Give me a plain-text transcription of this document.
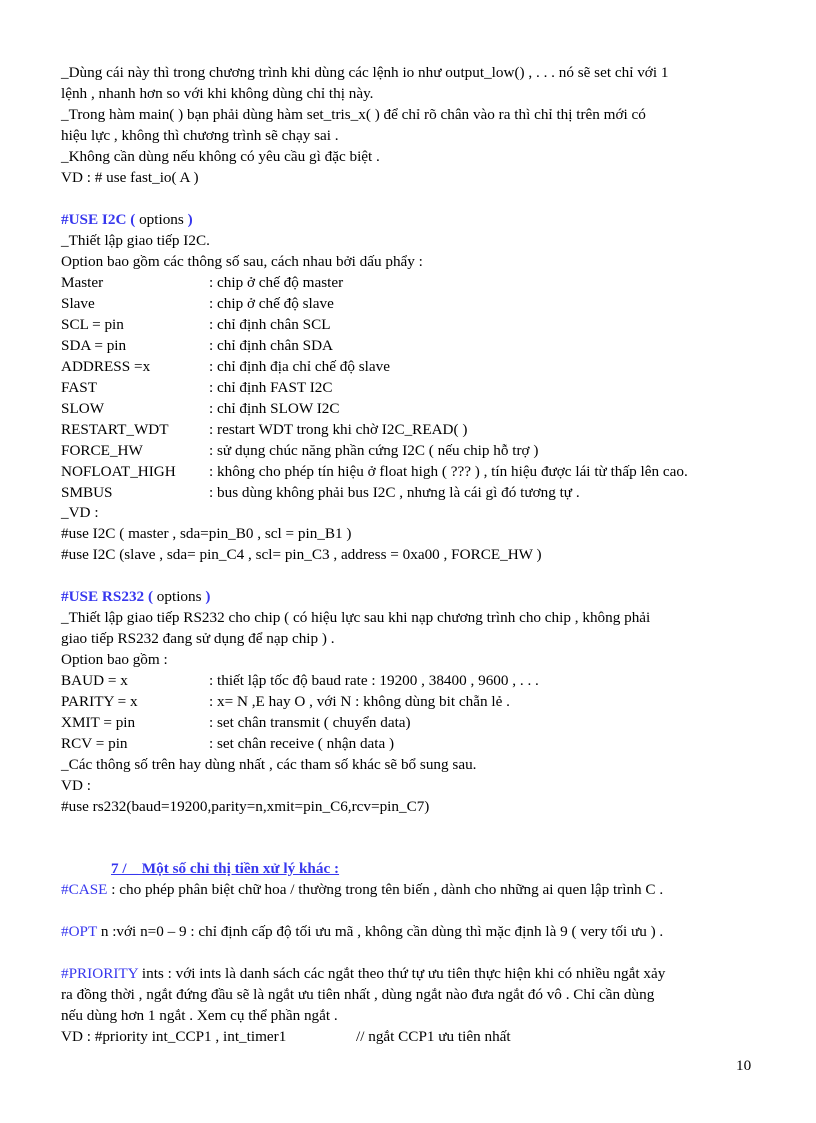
_Dùng cái này thì trong chương trình khi dùng các lệnh io như output_low() , . . . nó sẽ set chỉ với 1
lệnh , nhanh hơn so với khi không dùng chỉ thị này.
_Trong hàm main( ) bạn phải dùng hàm set_tris_x( ) để chỉ rõ chân vào ra thì chỉ thị trên mới có
hiệu lực , không thì chương trình sẽ chạy sai .
_Không cần dùng nếu không có yêu cầu gì đặc biệt .
VD : # use fast_io( A )
#USE I2C ( options )
_Thiết lập giao tiếp I2C.
Option bao gồm các thông số sau, cách nhau bởi dấu phẩy :
Master	: chip ở chế độ master
Slave	: chip ở chế độ slave
SCL = pin	: chỉ định chân SCL
SDA = pin	: chỉ định chân SDA
ADDRESS =x	: chỉ định địa chỉ chế độ slave
FAST	: chỉ định FAST I2C
SLOW	: chỉ định SLOW I2C
RESTART_WDT	: restart WDT trong khi chờ I2C_READ( )
FORCE_HW	: sử dụng chúc năng phần cứng I2C ( nếu chip hỗ trợ )
NOFLOAT_HIGH : không cho phép tín hiệu ở float high ( ??? ) , tín hiệu được lái từ thấp lên cao.
SMBUS	: bus dùng không phải bus I2C , nhưng là cái gì đó tương tự .
_VD :
#use I2C ( master , sda=pin_B0 , scl = pin_B1 )
#use I2C (slave , sda= pin_C4 , scl= pin_C3 , address = 0xa00 , FORCE_HW )
#USE RS232 ( options )
_Thiết lập giao tiếp RS232 cho chip ( có hiệu lực sau khi nạp chương trình cho chip , không phải
giao tiếp RS232 đang sử dụng để nạp chip ) .
Option bao gồm :
BAUD = x	: thiết lập tốc độ baud rate : 19200 , 38400 , 9600 , . . .
PARITY = x	: x= N ,E hay O , với N : không dùng bit chẵn lẻ .
XMIT = pin	: set chân transmit ( chuyển data)
RCV = pin	: set chân receive ( nhận data )
_Các thông số trên hay dùng nhất , các tham số khác sẽ bổ sung sau.
VD :
#use rs232(baud=19200,parity=n,xmit=pin_C6,rcv=pin_C7)
7 / _ Một số chỉ thị tiền xử lý khác :
#CASE : cho phép phân biệt chữ hoa / thường trong tên biến , dành cho những ai quen lập trình C .
#OPT n :với n=0 – 9 : chỉ định cấp độ tối ưu mã , không cần dùng thì mặc định là 9 ( very tối ưu ) .
#PRIORITY ints : với ints là danh sách các ngắt theo thứ tự ưu tiên thực hiện khi có nhiều ngắt xảy
ra đồng thời , ngắt đứng đầu sẽ là ngắt ưu tiên nhất , dùng ngắt nào đưa ngắt đó vô . Chỉ cần dùng
nếu dùng hơn 1 ngắt . Xem cụ thể phần ngắt .
VD : #priority int_CCP1 , int_timer1	// ngắt CCP1 ưu tiên nhất
10
